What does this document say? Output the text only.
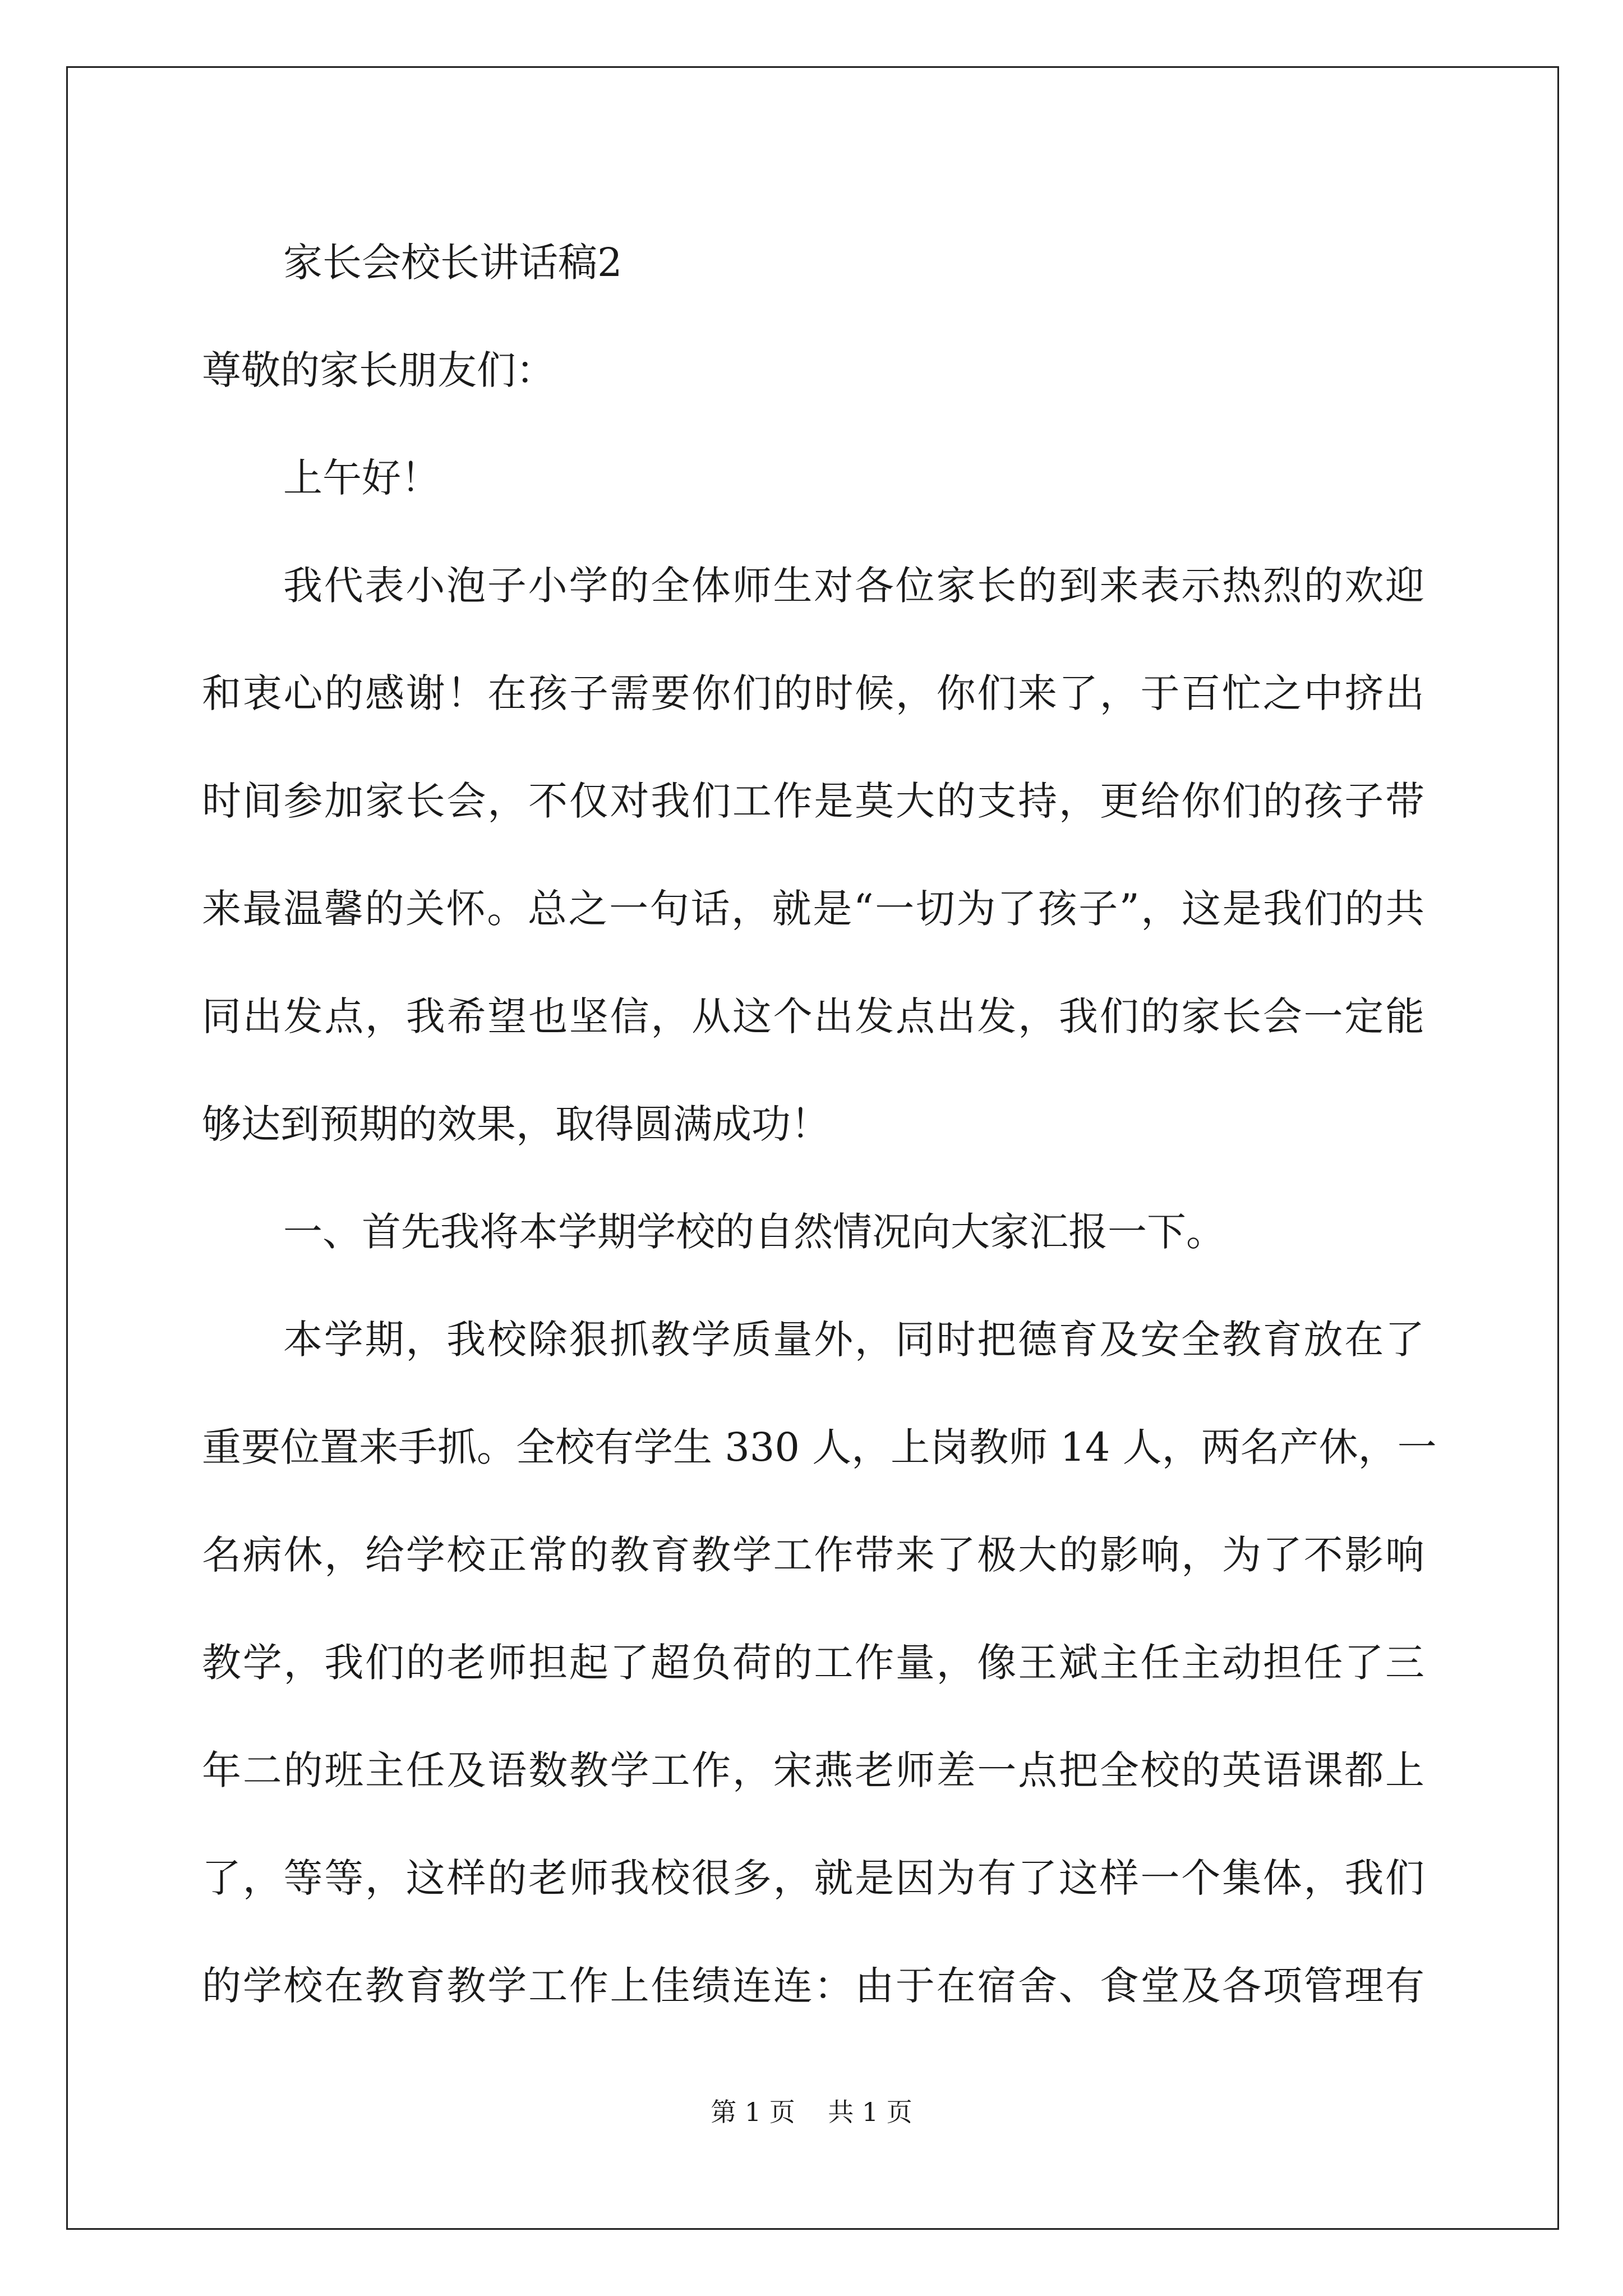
家长会校长讲话稿2
尊敬的家长朋友们：
上午好！
我代表小泡子小学的全体师生对各位家长的到来表示热烈的欢迎
和衷心的感谢！在孩子需要你们的时候，你们来了，于百忙之中挤出
时间参加家长会，不仅对我们工作是莫大的支持，更给你们的孩子带
来最温馨的关怀。总之一句话，就是“一切为了孩子”，这是我们的共
同出发点，我希望也坚信，从这个出发点出发，我们的家长会一定能
够达到预期的效果，取得圆满成功！
一、首先我将本学期学校的自然情况向大家汇报一下。
本学期，我校除狠抓教学质量外，同时把德育及安全教育放在了
重要位置来手抓。全校有学生 330 人，上岗教师 14 人，两名产休，一
名病休，给学校正常的教育教学工作带来了极大的影响，为了不影响
教学，我们的老师担起了超负荷的工作量，像王斌主任主动担任了三
年二的班主任及语数教学工作，宋燕老师差一点把全校的英语课都上
了，等等，这样的老师我校很多，就是因为有了这样一个集体，我们
的学校在教育教学工作上佳绩连连：由于在宿舍、食堂及各项管理有
第 1 页 共 1 页
